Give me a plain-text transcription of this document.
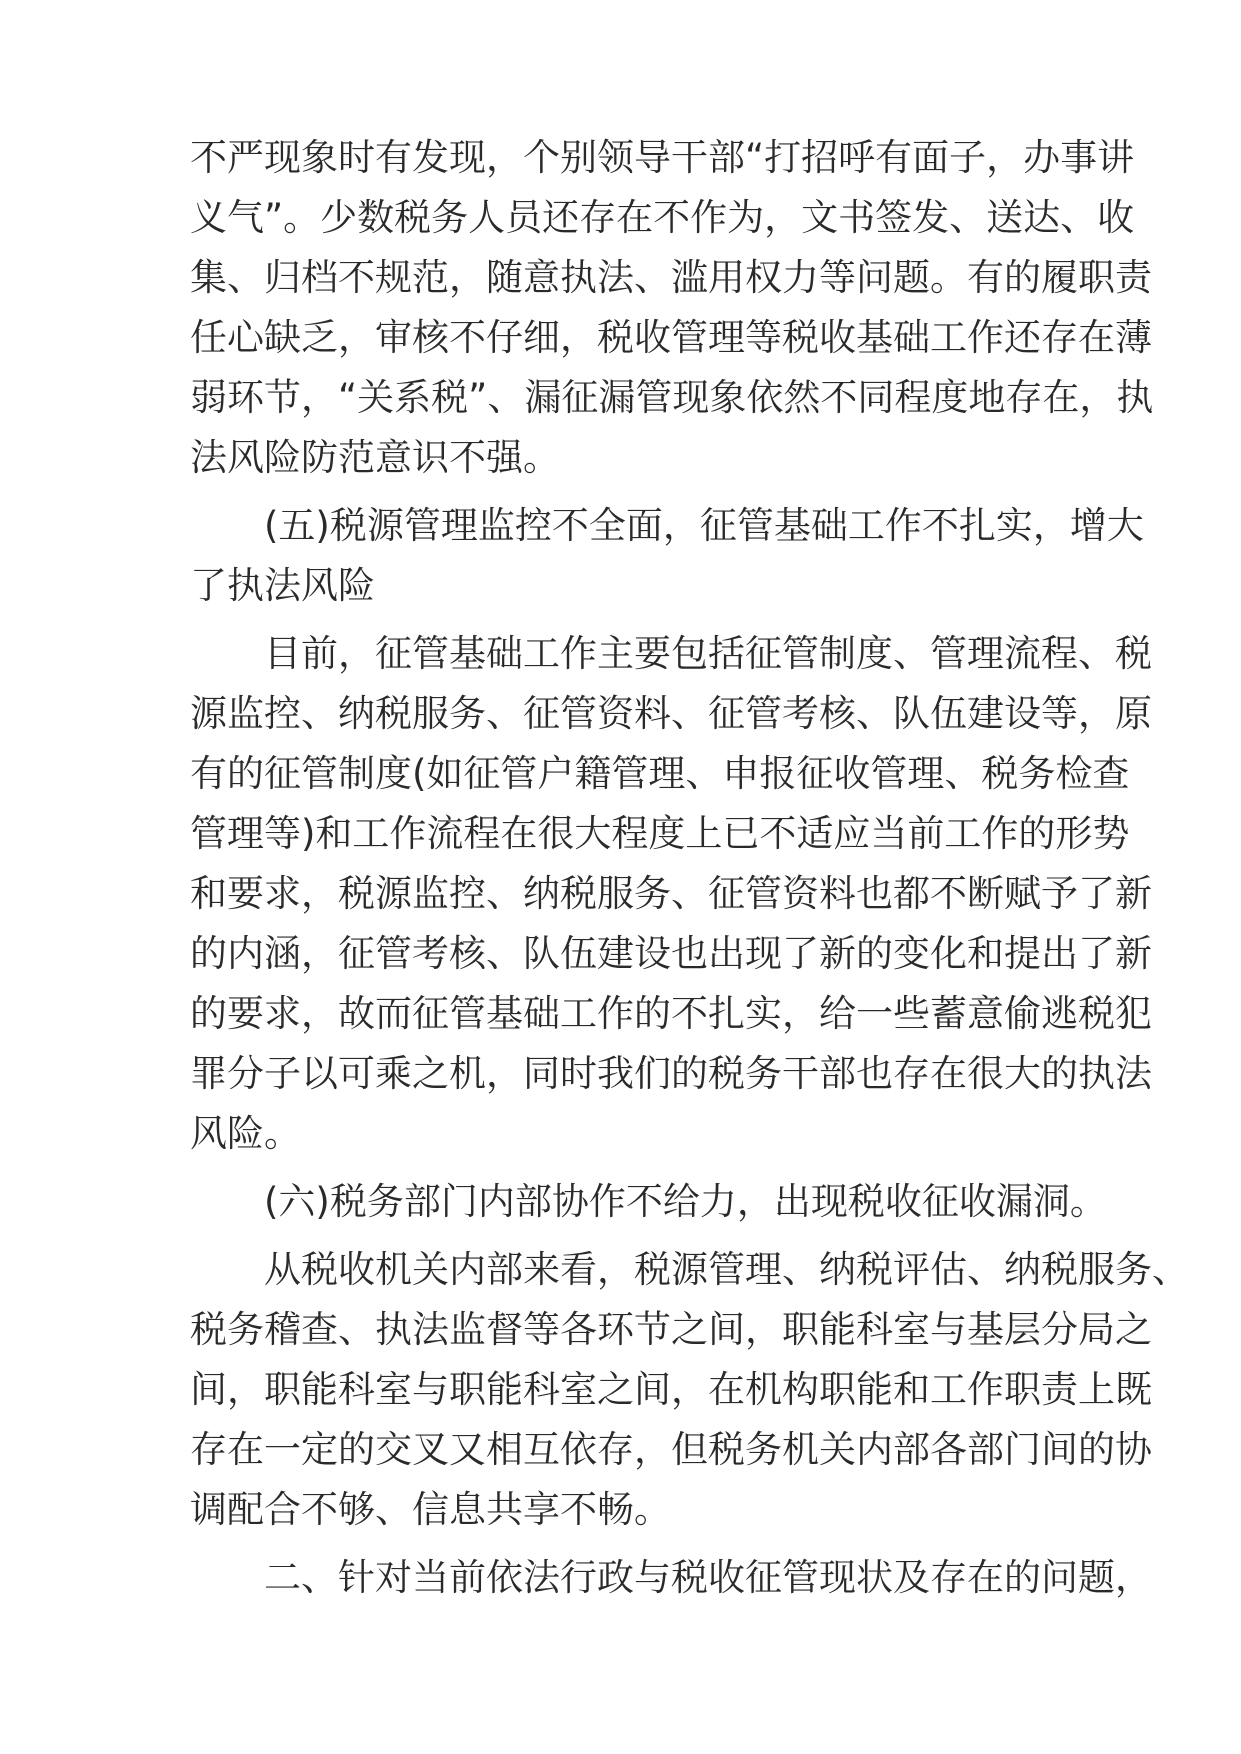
不严现象时有发现，个别领导干部“打招呼有面子，办事讲
义气”。少数税务人员还存在不作为，文书签发、送达、收
集、归档不规范，随意执法、滥用权力等问题。有的履职责
任心缺乏，审核不仔细，税收管理等税收基础工作还存在薄
弱环节，“关系税”、漏征漏管现象依然不同程度地存在，执
法风险防范意识不强。
(五)税源管理监控不全面，征管基础工作不扎实，增大
了执法风险
目前，征管基础工作主要包括征管制度、管理流程、税
源监控、纳税服务、征管资料、征管考核、队伍建设等，原
有的征管制度(如征管户籍管理、申报征收管理、税务检查
管理等)和工作流程在很大程度上已不适应当前工作的形势
和要求，税源监控、纳税服务、征管资料也都不断赋予了新
的内涵，征管考核、队伍建设也出现了新的变化和提出了新
的要求，故而征管基础工作的不扎实，给一些蓄意偷逃税犯
罪分子以可乘之机，同时我们的税务干部也存在很大的执法
风险。
(六)税务部门内部协作不给力，出现税收征收漏洞。
从税收机关内部来看，税源管理、纳税评估、纳税服务、
税务稽查、执法监督等各环节之间，职能科室与基层分局之
间，职能科室与职能科室之间，在机构职能和工作职责上既
存在一定的交叉又相互依存，但税务机关内部各部门间的协
调配合不够、信息共享不畅。
二、针对当前依法行政与税收征管现状及存在的问题，
